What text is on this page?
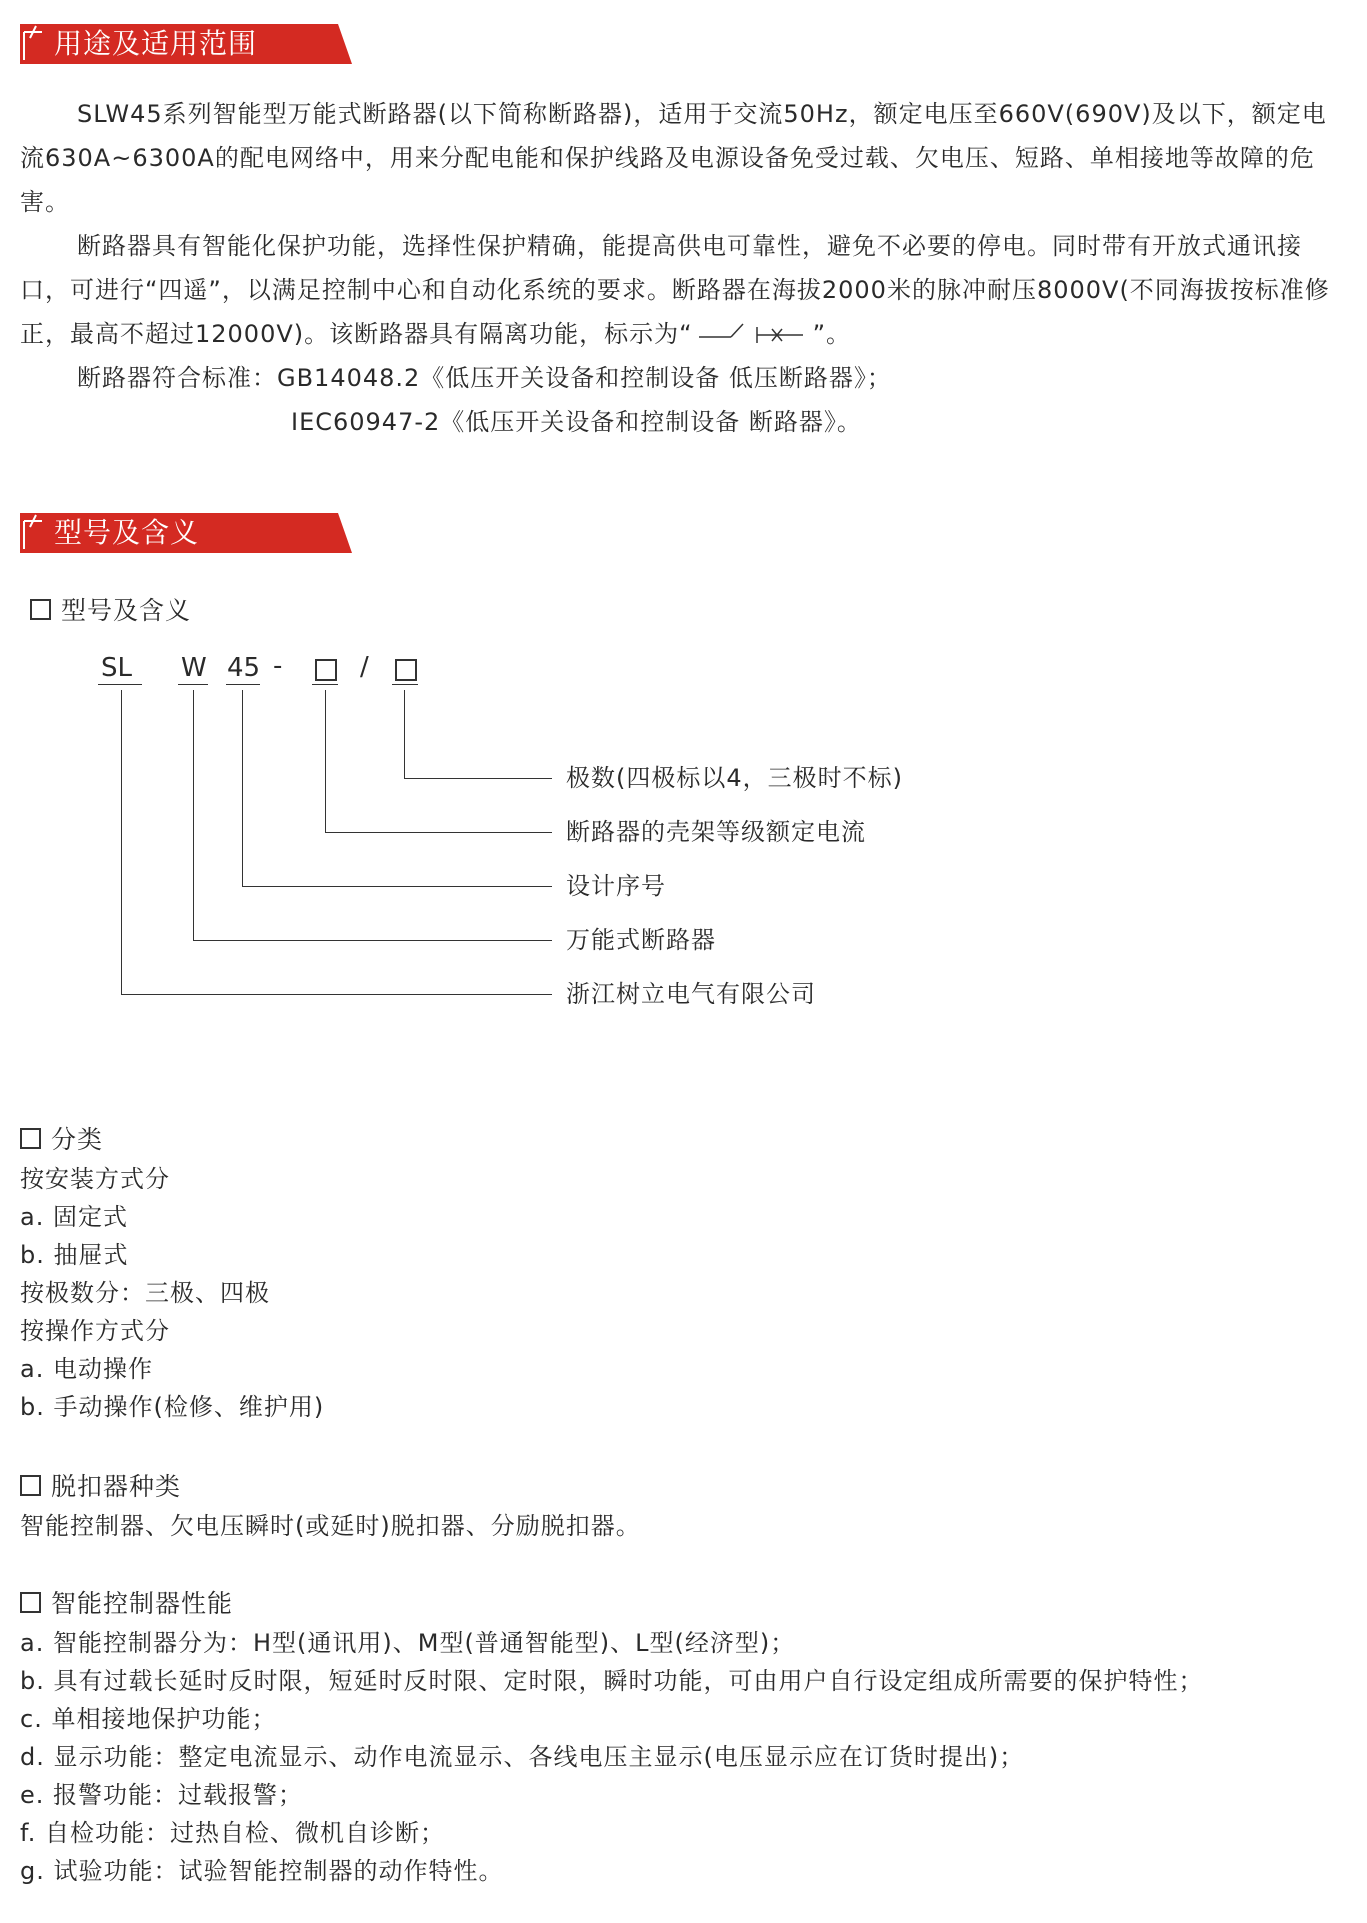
用途及适用范围

SLW45系列智能型万能式断路器(以下简称断路器)，适用于交流50Hz，额定电压至660V(690V)及以下，额定电流630A~6300A的配电网络中，用来分配电能和保护线路及电源设备免受过载、欠电压、短路、单相接地等故障的危害。

断路器具有智能化保护功能，选择性保护精确，能提高供电可靠性，避免不必要的停电。同时带有开放式通讯接口，可进行“四遥”，以满足控制中心和自动化系统的要求。断路器在海拔2000米的脉冲耐压8000V(不同海拔按标准修正，最高不超过12000V)。该断路器具有隔离功能，标示为“	”。

断路器符合标准：GB14048.2《低压开关设备和控制设备 低压断路器》；

IEC60947-2《低压开关设备和控制设备 断路器》。

型号及含义
型号及含义
SL W 45 -	/
极数(四极标以4，三极时不标)
断路器的壳架等级额定电流
设计序号
万能式断路器
浙江树立电气有限公司
分类
按安装方式分
a. 固定式
b. 抽屉式
按极数分：三极、四极
按操作方式分
a. 电动操作
b. 手动操作(检修、维护用)
脱扣器种类
智能控制器、欠电压瞬时(或延时)脱扣器、分励脱扣器。
智能控制器性能
a. 智能控制器分为：H型(通讯用)、M型(普通智能型)、L型(经济型)；
b. 具有过载长延时反时限，短延时反时限、定时限，瞬时功能，可由用户自行设定组成所需要的保护特性；
c. 单相接地保护功能；
d. 显示功能：整定电流显示、动作电流显示、各线电压主显示(电压显示应在订货时提出)；
e. 报警功能：过载报警；
f. 自检功能：过热自检、微机自诊断；
g. 试验功能：试验智能控制器的动作特性。
